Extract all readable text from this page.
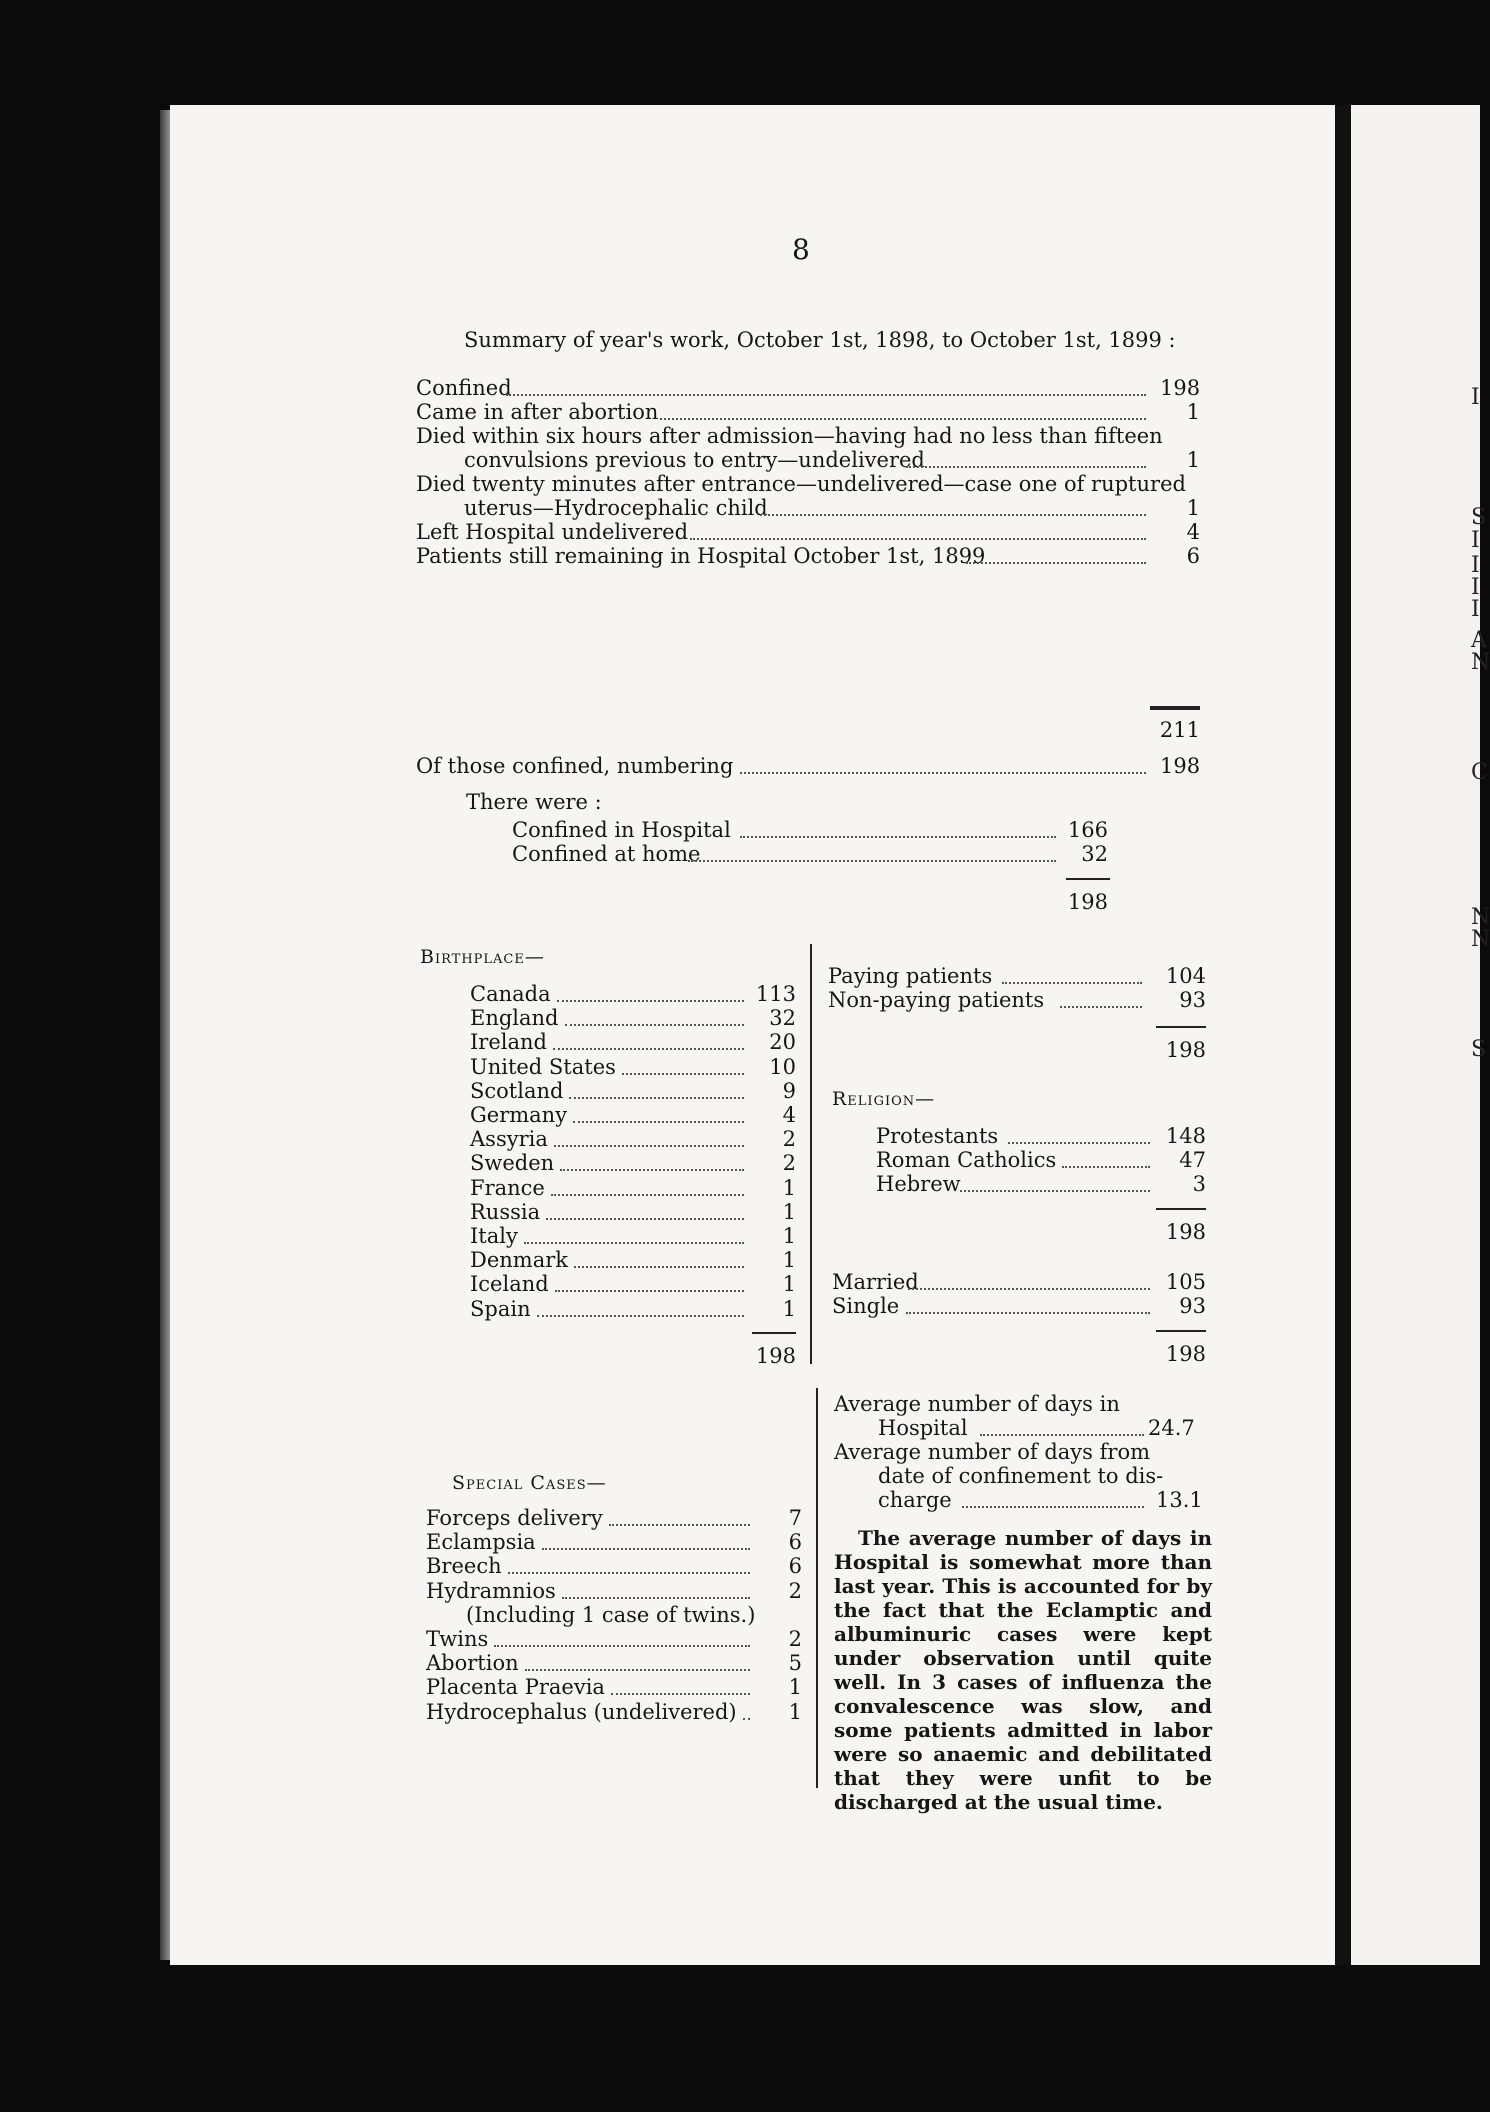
I
S
I
I
I
I
A
N
C
N
N
S
8
Summary of year's work, October 1st, 1898, to October 1st, 1899 :
Confined	198
Came in after abortion	1
Died within six hours after admission—having had no less than fifteen
convulsions previous to entry—undelivered	1
Died twenty minutes after entrance—undelivered—case one of ruptured
uterus—Hydrocephalic child	1
Left Hospital undelivered	4
Patients still remaining in Hospital October 1st, 1899	6
211
Of those confined, numbering	198
There were :
Confined in Hospital	166
Confined at home	32
198
Birthplace—
Canada	113
England	32
Ireland	20
United States	10
Scotland	9
Germany	4
Assyria	2
Sweden	2
France	1
Russia	1
Italy	1
Denmark	1
Iceland	1
Spain	1
198
Paying patients	104
Non-paying patients	93
198
Religion—
Protestants	148
Roman Catholics	47
Hebrew	3
198
Married	105
Single	93
198
Average number of days in
Hospital	24.7
Average number of days from
date of confinement to dis-
charge	13.1
The average number of days in Hospital is somewhat more than last year. This is accounted for by the fact that the Eclamptic and albuminuric cases were kept under observation until quite well. In 3 cases of influenza the convalescence was slow, and some patients admitted in labor were so anaemic and debilitated that they were unfit to be discharged at the usual time.
Special Cases—
Forceps delivery	7
Eclampsia	6
Breech	6
Hydramnios	2
(Including 1 case of twins.)
Twins	2
Abortion	5
Placenta Praevia	1
Hydrocephalus (undelivered)	1
